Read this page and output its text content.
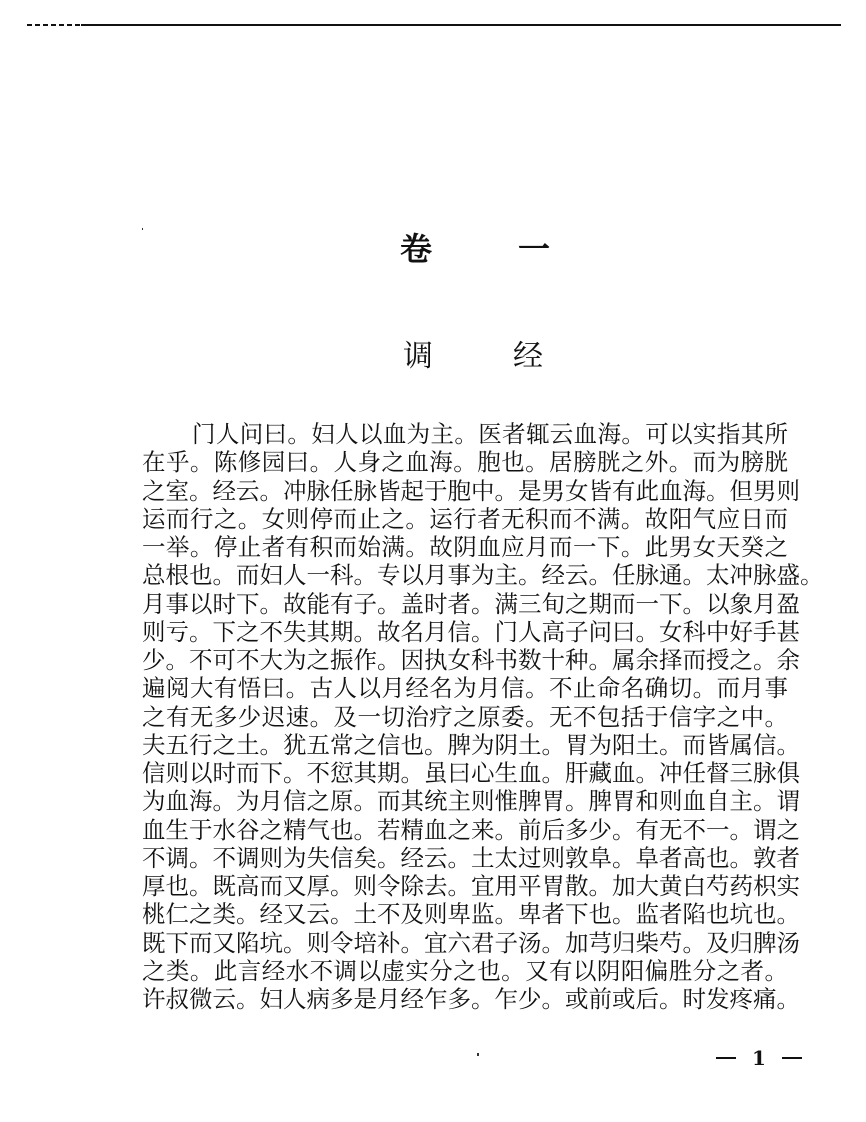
卷	一
调	经
门人问曰。妇人以血为主。医者辄云血海。可以实指其所
在乎。陈修园曰。人身之血海。胞也。居膀胱之外。而为膀胱
之室。经云。冲脉任脉皆起于胞中。是男女皆有此血海。但男则
运而行之。女则停而止之。运行者无积而不满。故阳气应日而
一举。停止者有积而始满。故阴血应月而一下。此男女天癸之
总根也。而妇人一科。专以月事为主。经云。任脉通。太冲脉盛。
月事以时下。故能有子。盖时者。满三旬之期而一下。以象月盈
则亏。下之不失其期。故名月信。门人高子问曰。女科中好手甚
少。不可不大为之振作。因执女科书数十种。属余择而授之。余
遍阅大有悟曰。古人以月经名为月信。不止命名确切。而月事
之有无多少迟速。及一切治疗之原委。无不包括于信字之中。
夫五行之土。犹五常之信也。脾为阴土。胃为阳土。而皆属信。
信则以时而下。不愆其期。虽曰心生血。肝藏血。冲任督三脉俱
为血海。为月信之原。而其统主则惟脾胃。脾胃和则血自主。谓
血生于水谷之精气也。若精血之来。前后多少。有无不一。谓之
不调。不调则为失信矣。经云。土太过则敦阜。阜者高也。敦者
厚也。既高而又厚。则令除去。宜用平胃散。加大黄白芍药枳实
桃仁之类。经又云。土不及则卑监。卑者下也。监者陷也坑也。
既下而又陷坑。则令培补。宜六君子汤。加芎归柴芍。及归脾汤
之类。此言经水不调以虚实分之也。又有以阴阳偏胜分之者。
许叔微云。妇人病多是月经乍多。乍少。或前或后。时发疼痛。
1
